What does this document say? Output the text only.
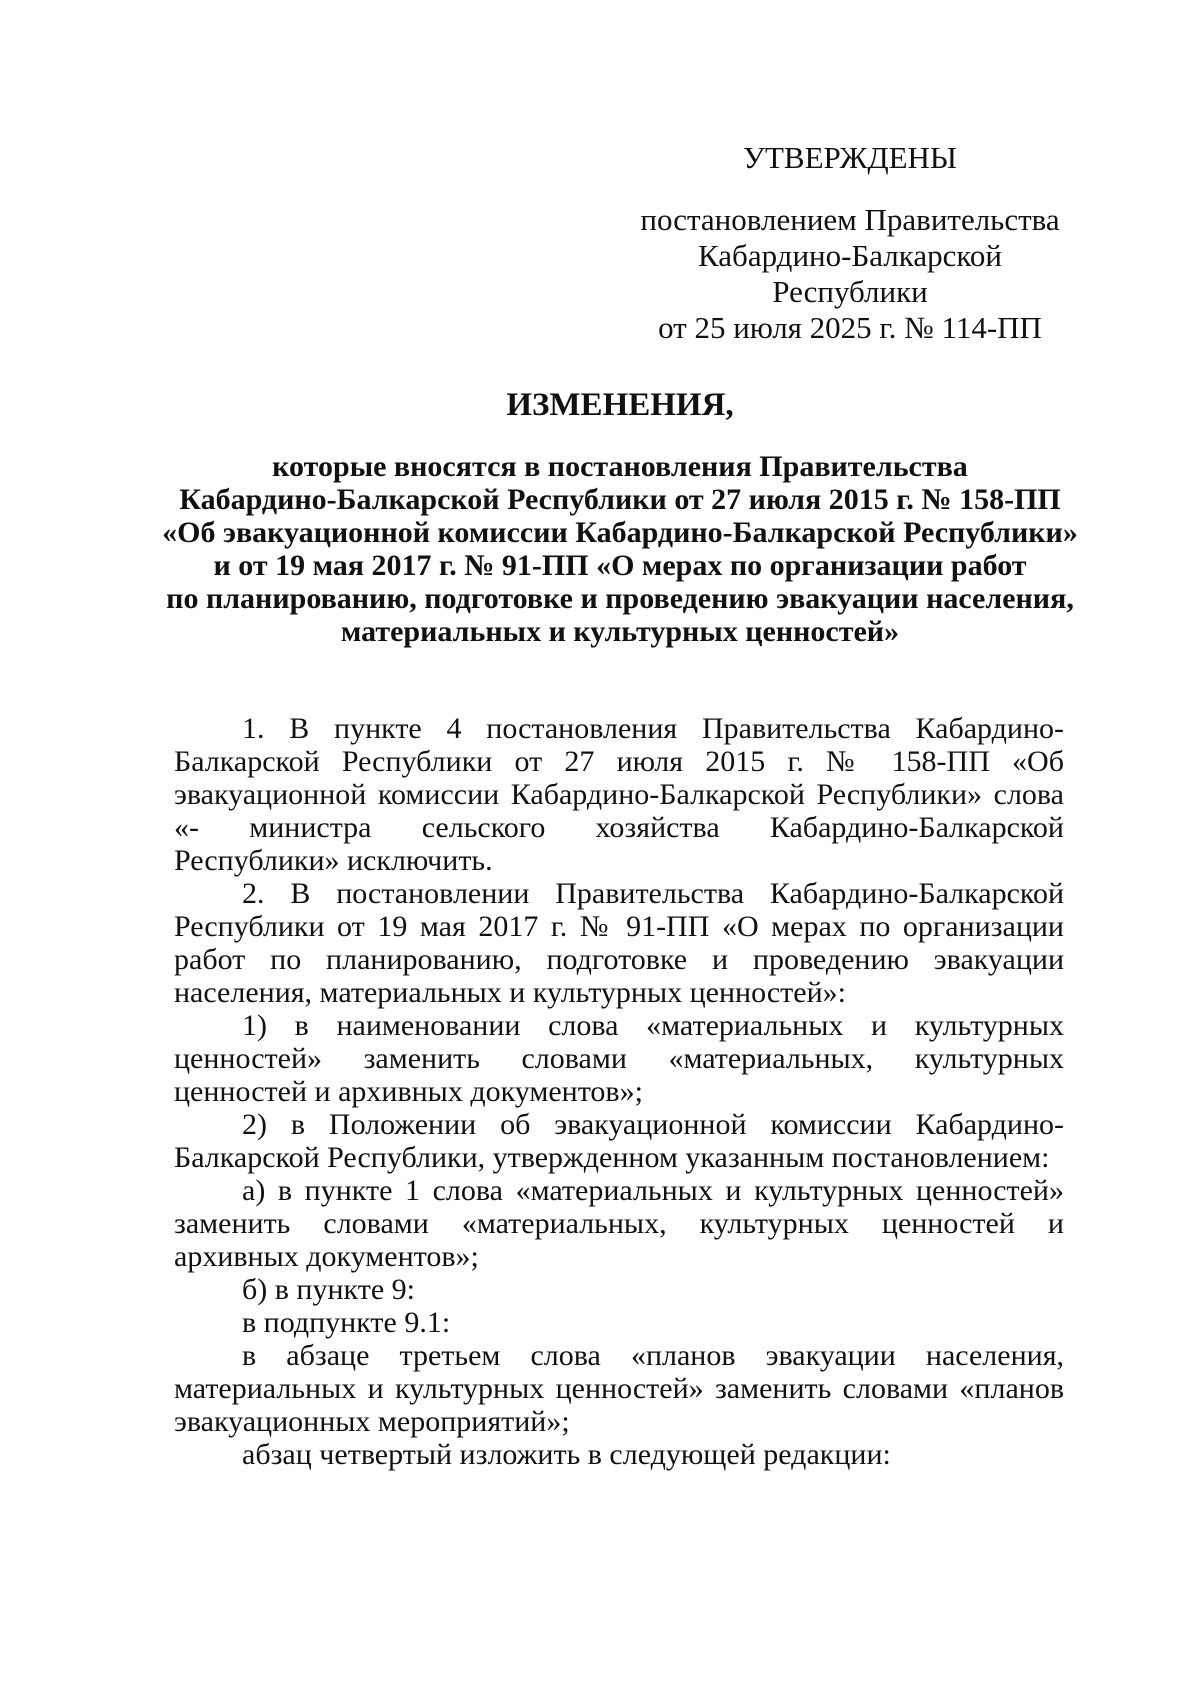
УТВЕРЖДЕНЫ
постановлением Правительства
Кабардино-Балкарской Республики
от 25 июля 2025 г. № 114-ПП
ИЗМЕНЕНИЯ,
которые вносятся в постановления Правительства
Кабардино-Балкарской Республики от 27 июля 2015 г. № 158-ПП
«Об эвакуационной комиссии Кабардино-Балкарской Республики»
и от 19 мая 2017 г. № 91-ПП «О мерах по организации работ
по планированию, подготовке и проведению эвакуации населения,
материальных и культурных ценностей»

1. В пункте 4 постановления Правительства Кабардино-Балкарской Республики от 27 июля 2015 г. № 158-ПП «Об эвакуационной комиссии Кабардино-Балкарской Республики» слова «- министра сельского хозяйства Кабардино-Балкарской Республики» исключить.

2. В постановлении Правительства Кабардино-Балкарской Республики от 19 мая 2017 г. № 91-ПП «О мерах по организации работ по планированию, подготовке и проведению эвакуации населения, материальных и культурных ценностей»:

1) в наименовании слова «материальных и культурных ценностей» заменить словами «материальных, культурных ценностей и архивных документов»;

2) в Положении об эвакуационной комиссии Кабардино-Балкарской Республики, утвержденном указанным постановлением:

а) в пункте 1 слова «материальных и культурных ценностей» заменить словами «материальных, культурных ценностей и архивных документов»;

б) в пункте 9:

в подпункте 9.1:

в абзаце третьем слова «планов эвакуации населения, материальных и культурных ценностей» заменить словами «планов эвакуационных мероприятий»;

абзац четвертый изложить в следующей редакции:
